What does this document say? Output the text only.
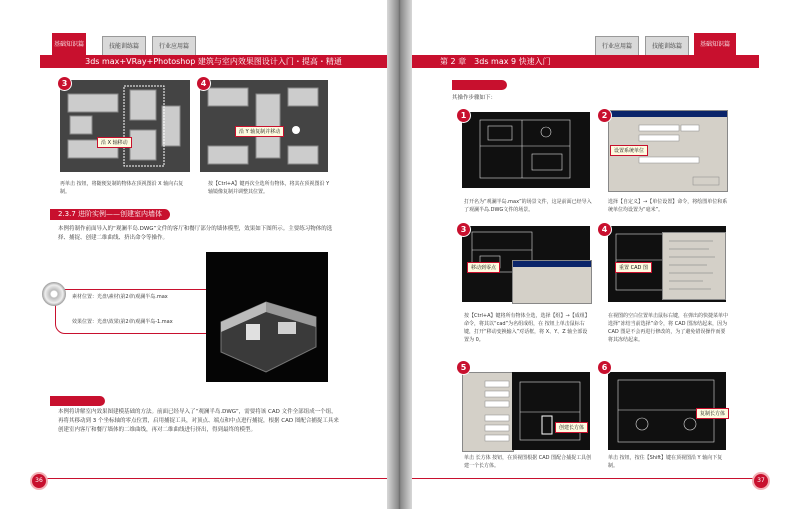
基础知识篇	技能训练篇	行业应用篇
3ds max+VRay+Photoshop 建筑与室内效果图设计入门・提高・精通
3
沿 X 轴移动
4
沿 Y 轴复制并移动
再单击 按钮，将随便复制的物体在顶视图沿 X 轴向右复制。
按【Ctrl+A】键再次全选所有物体，将其在顶视图沿 Y 轴镜像复制并调整其位置。
2.3.7 进阶实例——创建室内墙体
本例将制作前面导入的“观澜半岛.DWG”文件的客厅和餐厅部分的墙体模型，效果如下图所示。主要练习物体的选择、捕捉、创建二维曲线、挤出命令等操作。
素材位置：光盘\素材\第2章\观澜半岛.max
效果位置：光盘\效果\第2章\观澜半岛-1.max
本例将讲解室内效果图建模基础的方法。前面已经导入了“观澜半岛.DWG”，需要将该 CAD 文件全部组成一个组，再将其移动到 3 个坐标轴的零点位置，启用捕捉工具，对顶点、端点和中点进行捕捉，根据 CAD 图配合捕捉工具来创建室内客厅和餐厅墙体的二维曲线，再对二维曲线进行挤出，得到最终的模型。
36
行业应用篇	技能训练篇	基础知识篇
第 2 章　3ds max 9 快速入门
其操作步骤如下：
1	2
设置系统单位
打开名为“观澜半岛.max”的场景文件，这是前面已经导入了观澜半岛.DWG文件的场景。
选择【自定义】→【单位设置】命令，将绘图单位和系统单位均设置为“毫米”。
3
移动到零点
4
重置 CAD 图
按【Ctrl+A】键将所有物体全选，选择【组】→【成组】命令，将其以“cad”为名组成组，在 按钮上单击鼠标右键，打开“移动变换输入”对话框，将 X、Y、Z 轴全部设置为 0。
在视图的空白位置单击鼠标右键，在弹出的快捷菜单中选择“冻结当前选择”命令，将 CAD 图冻结起来，因为 CAD 图是不会再进行修改的，为了避免错误操作而要将其冻结起来。
5
创建长方体
6
复制长方体
单击 长方体 按钮，在顶视图根据 CAD 图配合捕捉工具创建一个长方体。
单击 按钮，按住【Shift】键在顶视图沿 Y 轴向下复制。
37
